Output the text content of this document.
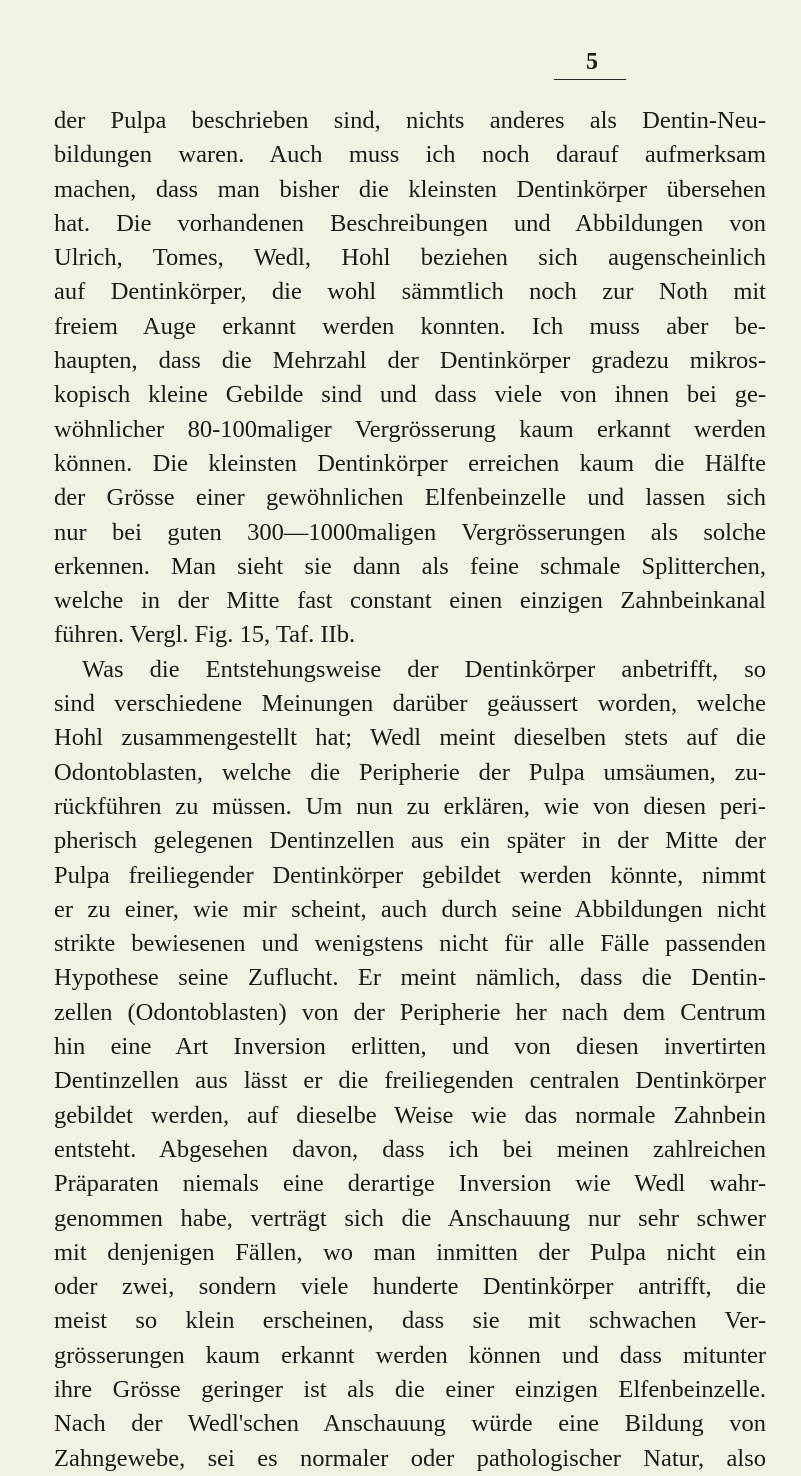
5
der Pulpa beschrieben sind, nichts anderes als Dentin-Neu-
bildungen waren. Auch muss ich noch darauf aufmerksam
machen, dass man bisher die kleinsten Dentinkörper übersehen
hat. Die vorhandenen Beschreibungen und Abbildungen von
Ulrich, Tomes, Wedl, Hohl beziehen sich augenscheinlich
auf Dentinkörper, die wohl sämmtlich noch zur Noth mit
freiem Auge erkannt werden konnten. Ich muss aber be-
haupten, dass die Mehrzahl der Dentinkörper gradezu mikros-
kopisch kleine Gebilde sind und dass viele von ihnen bei ge-
wöhnlicher 80-100maliger Vergrösserung kaum erkannt werden
können. Die kleinsten Dentinkörper erreichen kaum die Hälfte
der Grösse einer gewöhnlichen Elfenbeinzelle und lassen sich
nur bei guten 300—1000maligen Vergrösserungen als solche
erkennen. Man sieht sie dann als feine schmale Splitterchen,
welche in der Mitte fast constant einen einzigen Zahnbeinkanal
führen. Vergl. Fig. 15, Taf. IIb.
Was die Entstehungsweise der Dentinkörper anbetrifft, so
sind verschiedene Meinungen darüber geäussert worden, welche
Hohl zusammengestellt hat; Wedl meint dieselben stets auf die
Odontoblasten, welche die Peripherie der Pulpa umsäumen, zu-
rückführen zu müssen. Um nun zu erklären, wie von diesen peri-
pherisch gelegenen Dentinzellen aus ein später in der Mitte der
Pulpa freiliegender Dentinkörper gebildet werden könnte, nimmt
er zu einer, wie mir scheint, auch durch seine Abbildungen nicht
strikte bewiesenen und wenigstens nicht für alle Fälle passenden
Hypothese seine Zuflucht. Er meint nämlich, dass die Dentin-
zellen (Odontoblasten) von der Peripherie her nach dem Centrum
hin eine Art Inversion erlitten, und von diesen invertirten
Dentinzellen aus lässt er die freiliegenden centralen Dentinkörper
gebildet werden, auf dieselbe Weise wie das normale Zahnbein
entsteht. Abgesehen davon, dass ich bei meinen zahlreichen
Präparaten niemals eine derartige Inversion wie Wedl wahr-
genommen habe, verträgt sich die Anschauung nur sehr schwer
mit denjenigen Fällen, wo man inmitten der Pulpa nicht ein
oder zwei, sondern viele hunderte Dentinkörper antrifft, die
meist so klein erscheinen, dass sie mit schwachen Ver-
grösserungen kaum erkannt werden können und dass mitunter
ihre Grösse geringer ist als die einer einzigen Elfenbeinzelle.
Nach der Wedl'schen Anschauung würde eine Bildung von
Zahngewebe, sei es normaler oder pathologischer Natur, also
